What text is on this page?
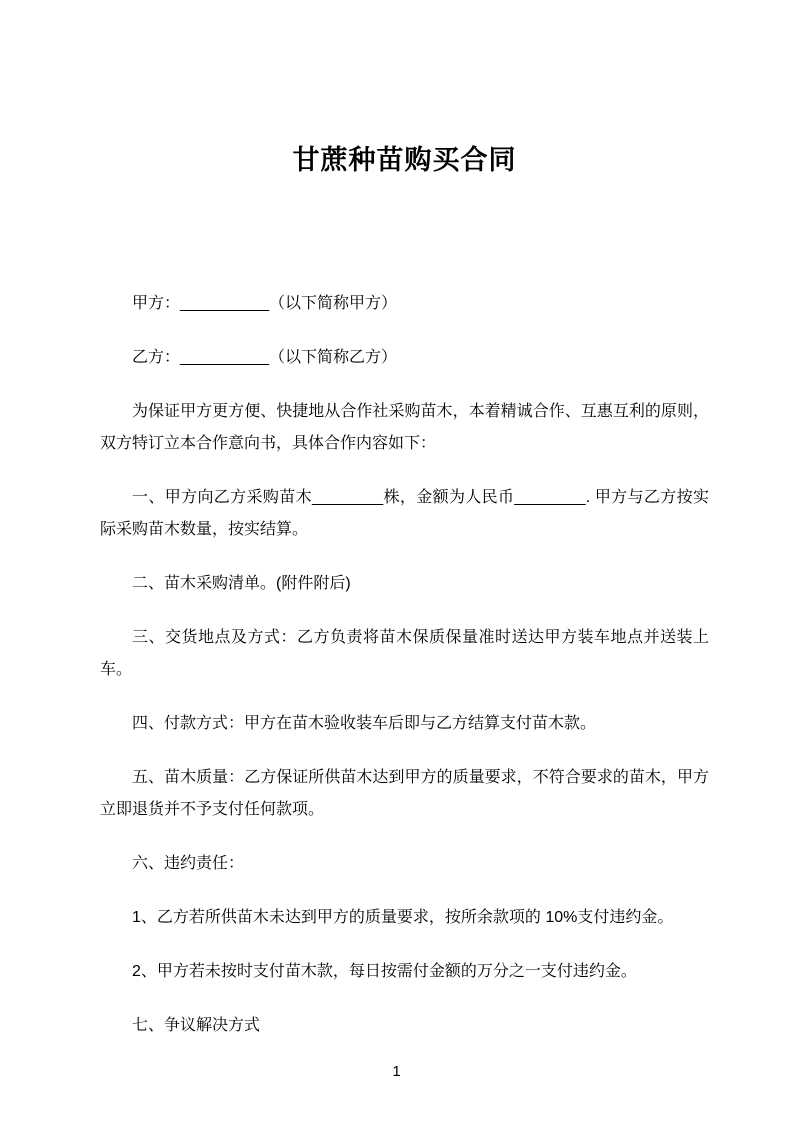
甘蔗种苗购买合同

甲方：__________（以下简称甲方）

乙方：__________（以下简称乙方）

为保证甲方更方便、快捷地从合作社采购苗木，本着精诚合作、互惠互利的原则，双方特订立本合作意向书，具体合作内容如下：

一、甲方向乙方采购苗木________株，金额为人民币________. 甲方与乙方按实际采购苗木数量，按实结算。

二、苗木采购清单。(附件附后)

三、交货地点及方式：乙方负责将苗木保质保量准时送达甲方装车地点并送装上车。

四、付款方式：甲方在苗木验收装车后即与乙方结算支付苗木款。

五、苗木质量：乙方保证所供苗木达到甲方的质量要求，不符合要求的苗木，甲方立即退货并不予支付任何款项。

六、违约责任：

1、乙方若所供苗木未达到甲方的质量要求，按所余款项的 10%支付违约金。

2、甲方若未按时支付苗木款，每日按需付金额的万分之一支付违约金。

七、争议解决方式

1
